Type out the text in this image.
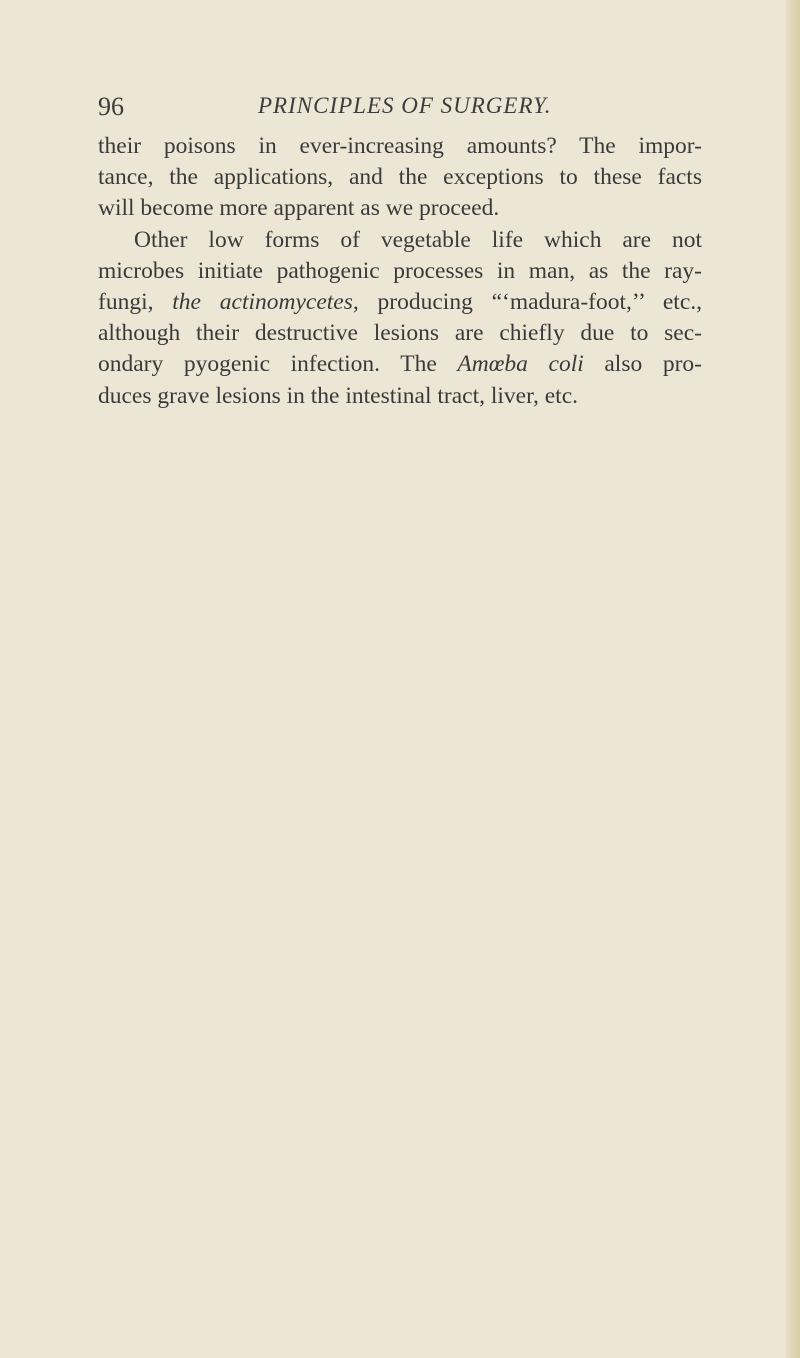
96	PRINCIPLES OF SURGERY.
their poisons in ever-increasing amounts? The impor-
tance, the applications, and the exceptions to these facts
will become more apparent as we proceed.
Other low forms of vegetable life which are not
microbes initiate pathogenic processes in man, as the ray-
fungi, the actinomycetes, producing “‘madura-foot,’’ etc.,
although their destructive lesions are chiefly due to sec-
ondary pyogenic infection. The Amœba coli also pro-
duces grave lesions in the intestinal tract, liver, etc.
